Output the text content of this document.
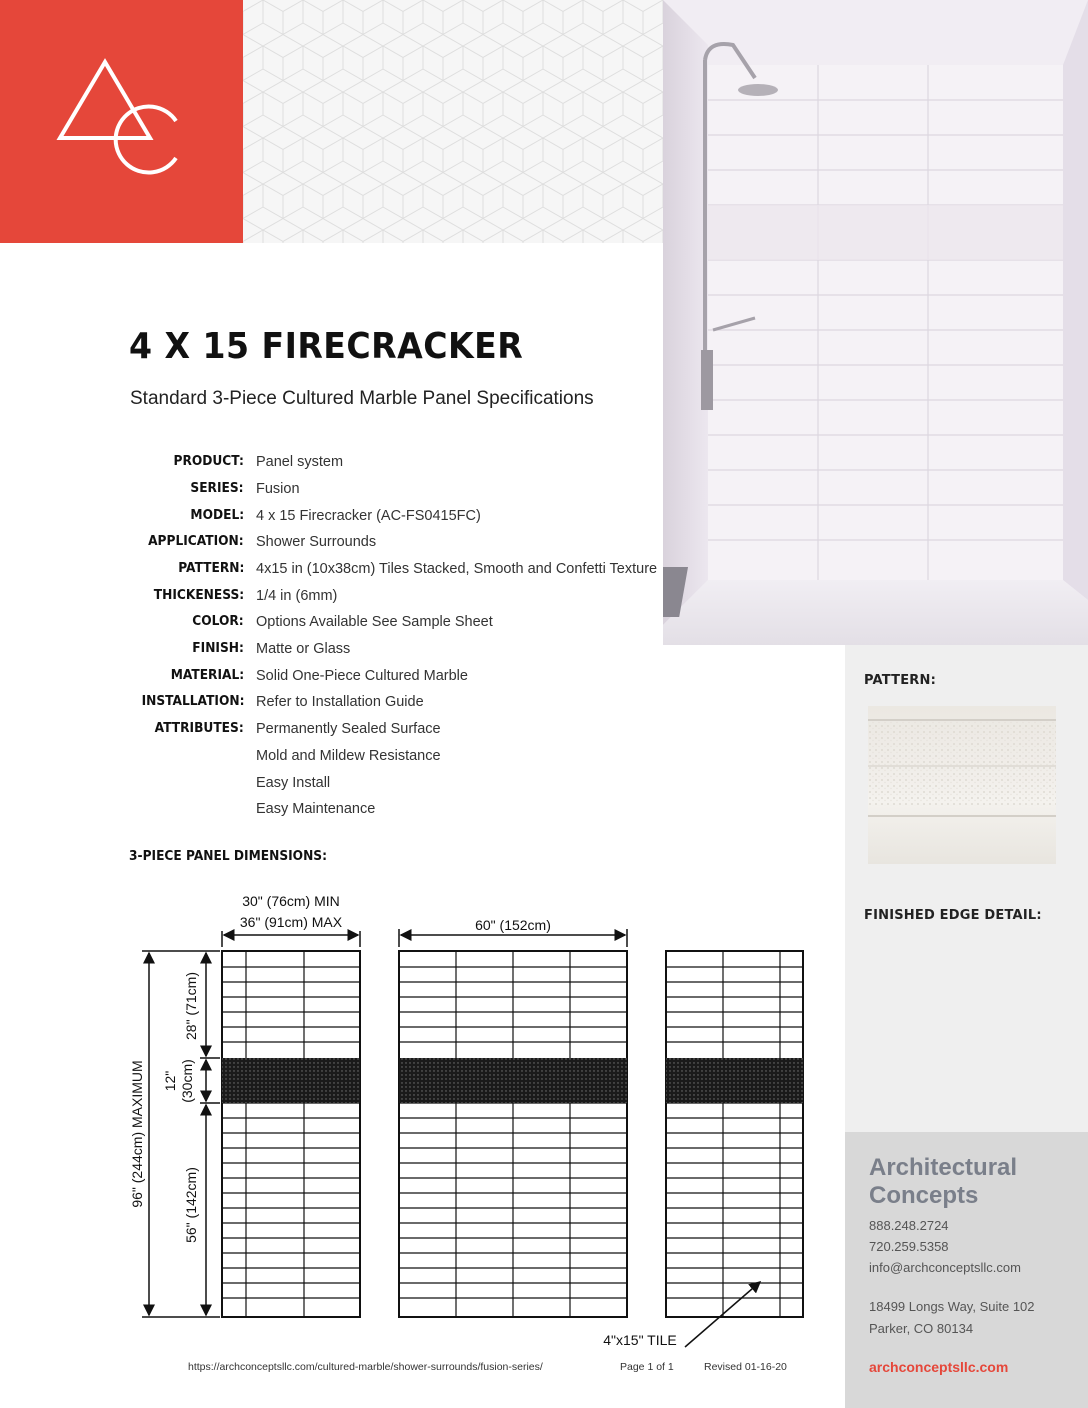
4 X 15 FIRECRACKER
Standard 3-Piece Cultured Marble Panel Specifications
PRODUCT: Panel system
SERIES: Fusion
MODEL: 4 x 15 Firecracker (AC-FS0415FC)
APPLICATION: Shower Surrounds
PATTERN: 4x15 in (10x38cm) Tiles Stacked, Smooth and Confetti Texture
THICKENESS: 1/4 in (6mm)
COLOR: Options Available See Sample Sheet
FINISH: Matte or Glass
MATERIAL: Solid One-Piece Cultured Marble
INSTALLATION: Refer to Installation Guide
ATTRIBUTES: Permanently Sealed Surface
Mold and Mildew Resistance
Easy Install
Easy Maintenance
3-PIECE PANEL DIMENSIONS:
30" (76cm) MIN
36" (91cm) MAX	60" (152cm)
96" (244cm) MAXIMUM
28" (71cm)
12" (30cm)
56" (142cm)
4"x15" TILE
PATTERN:
FINISHED EDGE DETAIL:
Architectural
Concepts
888.248.2724
720.259.5358
info@archconceptsllc.com
18499 Longs Way, Suite 102
Parker, CO 80134
archconceptsllc.com
https://archconceptsllc.com/cultured-marble/shower-surrounds/fusion-series/	Page 1 of 1	Revised 01-16-20
